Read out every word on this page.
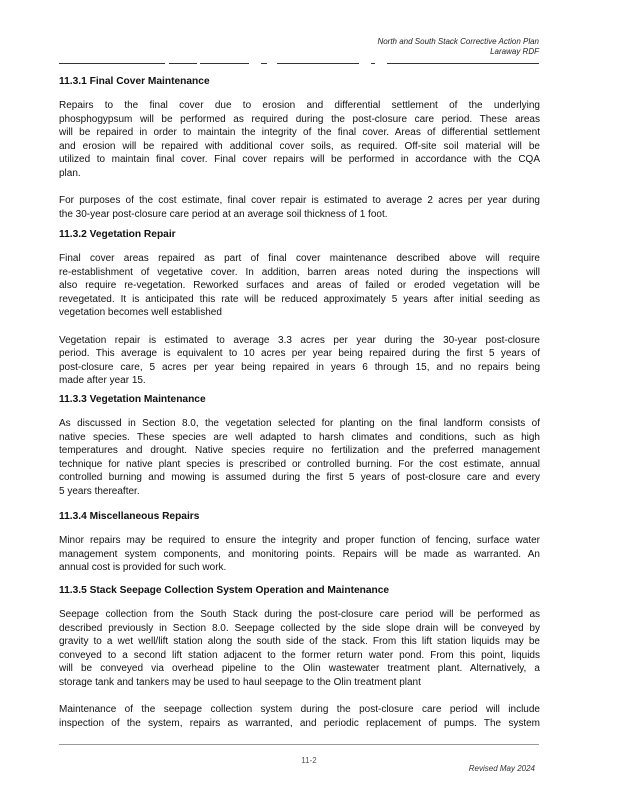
North and South Stack Corrective Action Plan
Laraway RDF
11.3.1 Final Cover Maintenance
Repairs to the final cover due to erosion and differential settlement of the underlying
phosphogypsum will be performed as required during the post-closure care period. These areas
will be repaired in order to maintain the integrity of the final cover. Areas of differential settlement
and erosion will be repaired with additional cover soils, as required. Off-site soil material will be
utilized to maintain final cover. Final cover repairs will be performed in accordance with the CQA
plan.
For purposes of the cost estimate, final cover repair is estimated to average 2 acres per year during
the 30-year post-closure care period at an average soil thickness of 1 foot.
11.3.2 Vegetation Repair
Final cover areas repaired as part of final cover maintenance described above will require
re-establishment of vegetative cover. In addition, barren areas noted during the inspections will
also require re-vegetation. Reworked surfaces and areas of failed or eroded vegetation will be
revegetated. It is anticipated this rate will be reduced approximately 5 years after initial seeding as
vegetation becomes well established
Vegetation repair is estimated to average 3.3 acres per year during the 30-year post-closure
period. This average is equivalent to 10 acres per year being repaired during the first 5 years of
post-closure care, 5 acres per year being repaired in years 6 through 15, and no repairs being
made after year 15.
11.3.3 Vegetation Maintenance
As discussed in Section 8.0, the vegetation selected for planting on the final landform consists of
native species. These species are well adapted to harsh climates and conditions, such as high
temperatures and drought. Native species require no fertilization and the preferred management
technique for native plant species is prescribed or controlled burning. For the cost estimate, annual
controlled burning and mowing is assumed during the first 5 years of post-closure care and every
5 years thereafter.
11.3.4 Miscellaneous Repairs
Minor repairs may be required to ensure the integrity and proper function of fencing, surface water
management system components, and monitoring points. Repairs will be made as warranted. An
annual cost is provided for such work.
11.3.5 Stack Seepage Collection System Operation and Maintenance
Seepage collection from the South Stack during the post-closure care period will be performed as
described previously in Section 8.0. Seepage collected by the side slope drain will be conveyed by
gravity to a wet well/lift station along the south side of the stack. From this lift station liquids may be
conveyed to a second lift station adjacent to the former return water pond. From this point, liquids
will be conveyed via overhead pipeline to the Olin wastewater treatment plant. Alternatively, a
storage tank and tankers may be used to haul seepage to the Olin treatment plant
Maintenance of the seepage collection system during the post-closure care period will include
inspection of the system, repairs as warranted, and periodic replacement of pumps. The system
11-2
Revised May 2024
